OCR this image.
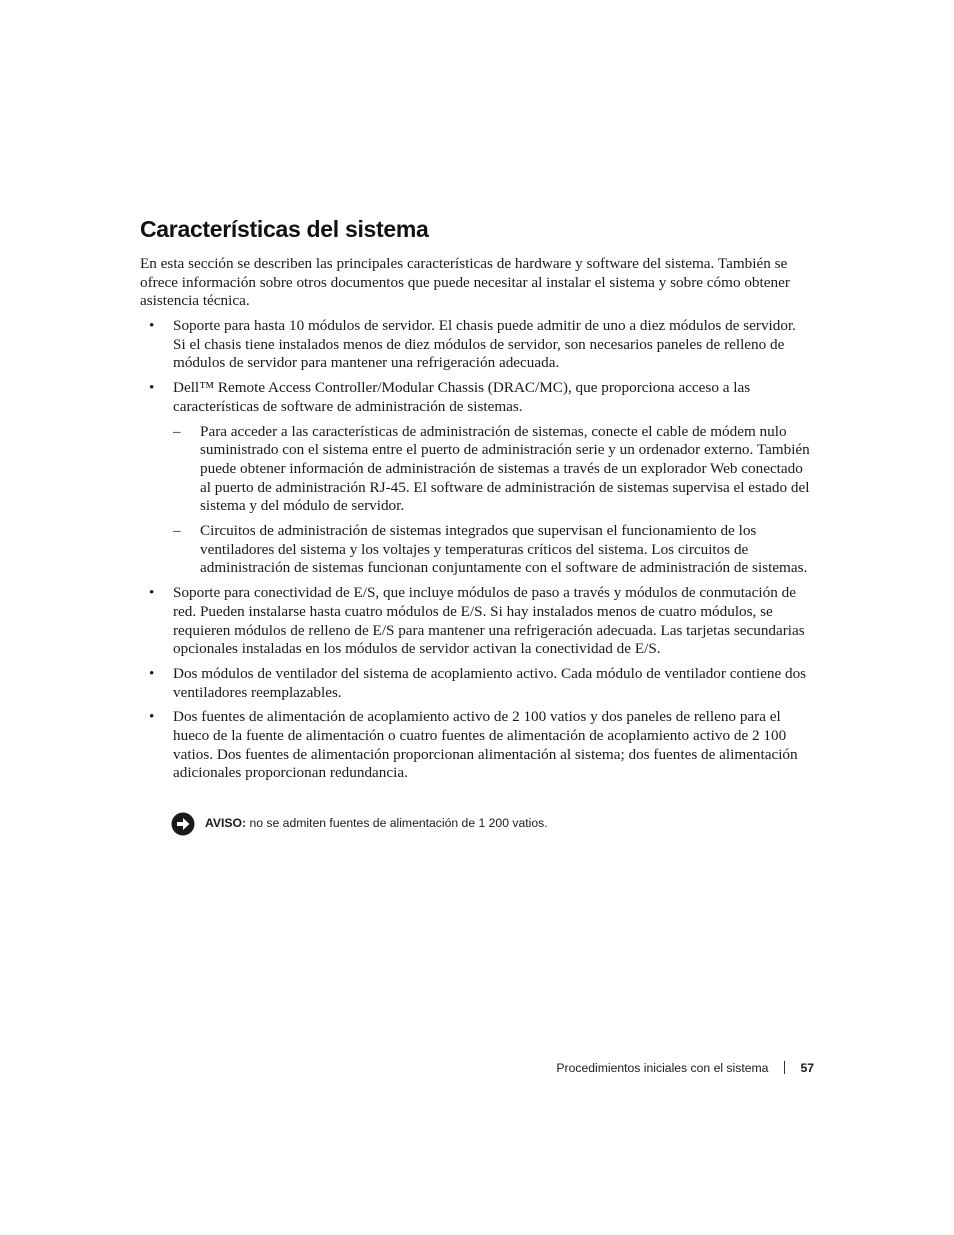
Características del sistema

En esta sección se describen las principales características de hardware y software del sistema. También se ofrece información sobre otros documentos que puede necesitar al instalar el sistema y sobre cómo obtener asistencia técnica.

• Soporte para hasta 10 módulos de servidor. El chasis puede admitir de uno a diez módulos de servidor. Si el chasis tiene instalados menos de diez módulos de servidor, son necesarios paneles de relleno de módulos de servidor para mantener una refrigeración adecuada.
• Dell™ Remote Access Controller/Modular Chassis (DRAC/MC), que proporciona acceso a las características de software de administración de sistemas.
– Para acceder a las características de administración de sistemas, conecte el cable de módem nulo suministrado con el sistema entre el puerto de administración serie y un ordenador externo. También puede obtener información de administración de sistemas a través de un explorador Web conectado al puerto de administración RJ-45. El software de administración de sistemas supervisa el estado del sistema y del módulo de servidor.
– Circuitos de administración de sistemas integrados que supervisan el funcionamiento de los ventiladores del sistema y los voltajes y temperaturas críticos del sistema. Los circuitos de administración de sistemas funcionan conjuntamente con el software de administración de sistemas.
• Soporte para conectividad de E/S, que incluye módulos de paso a través y módulos de conmutación de red. Pueden instalarse hasta cuatro módulos de E/S. Si hay instalados menos de cuatro módulos, se requieren módulos de relleno de E/S para mantener una refrigeración adecuada. Las tarjetas secundarias opcionales instaladas en los módulos de servidor activan la conectividad de E/S.
• Dos módulos de ventilador del sistema de acoplamiento activo. Cada módulo de ventilador contiene dos ventiladores reemplazables.
• Dos fuentes de alimentación de acoplamiento activo de 2 100 vatios y dos paneles de relleno para el hueco de la fuente de alimentación o cuatro fuentes de alimentación de acoplamiento activo de 2 100 vatios. Dos fuentes de alimentación proporcionan alimentación al sistema; dos fuentes de alimentación adicionales proporcionan redundancia.
AVISO: no se admiten fuentes de alimentación de 1 200 vatios.
Procedimientos iniciales con el sistema	57
